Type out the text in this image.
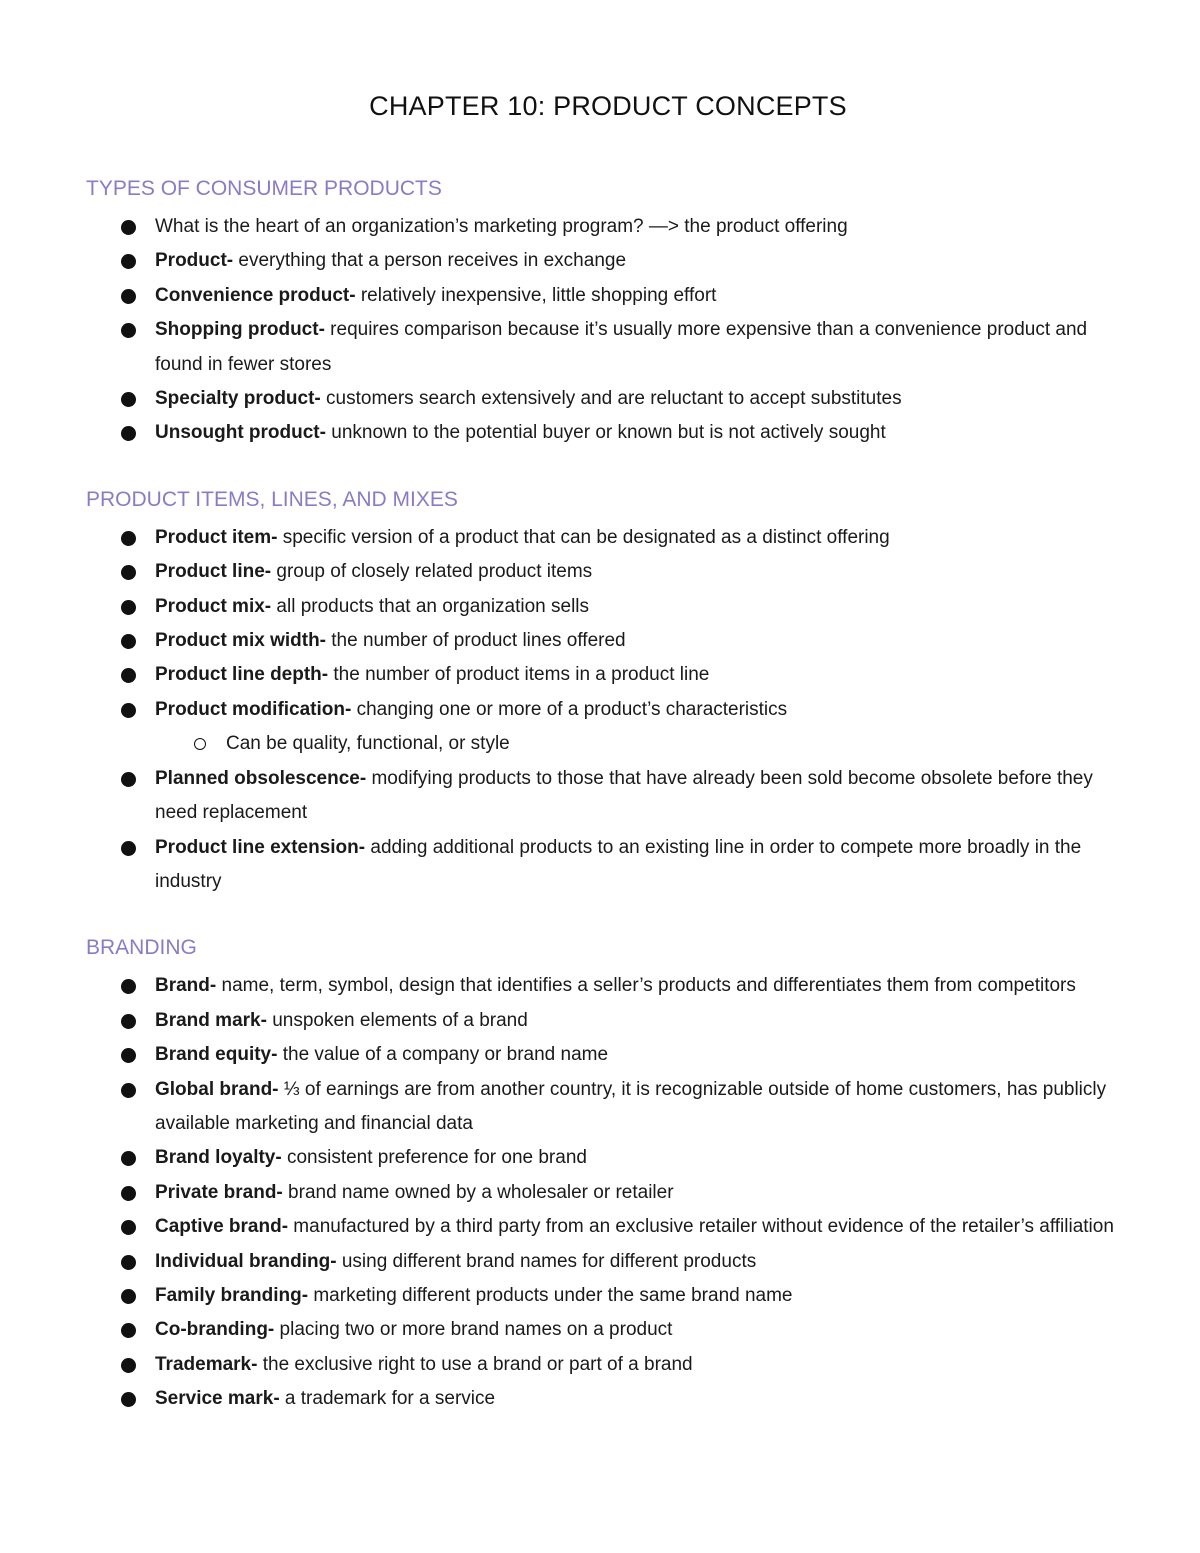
CHAPTER 10: PRODUCT CONCEPTS
TYPES OF CONSUMER PRODUCTS
What is the heart of an organization’s marketing program? —> the product offering
Product- everything that a person receives in exchange
Convenience product- relatively inexpensive, little shopping effort
Shopping product- requires comparison because it’s usually more expensive than a convenience product and found in fewer stores
Specialty product- customers search extensively and are reluctant to accept substitutes
Unsought product- unknown to the potential buyer or known but is not actively sought
PRODUCT ITEMS, LINES, AND MIXES
Product item- specific version of a product that can be designated as a distinct offering
Product line- group of closely related product items
Product mix- all products that an organization sells
Product mix width- the number of product lines offered
Product line depth- the number of product items in a product line
Product modification- changing one or more of a product’s characteristics
Can be quality, functional, or style
Planned obsolescence- modifying products to those that have already been sold become obsolete before they need replacement
Product line extension- adding additional products to an existing line in order to compete more broadly in the industry
BRANDING
Brand- name, term, symbol, design that identifies a seller’s products and differentiates them from competitors
Brand mark- unspoken elements of a brand
Brand equity- the value of a company or brand name
Global brand- ⅓ of earnings are from another country, it is recognizable outside of home customers, has publicly available marketing and financial data
Brand loyalty- consistent preference for one brand
Private brand- brand name owned by a wholesaler or retailer
Captive brand- manufactured by a third party from an exclusive retailer without evidence of the retailer’s affiliation
Individual branding- using different brand names for different products
Family branding- marketing different products under the same brand name
Co-branding- placing two or more brand names on a product
Trademark- the exclusive right to use a brand or part of a brand
Service mark- a trademark for a service
